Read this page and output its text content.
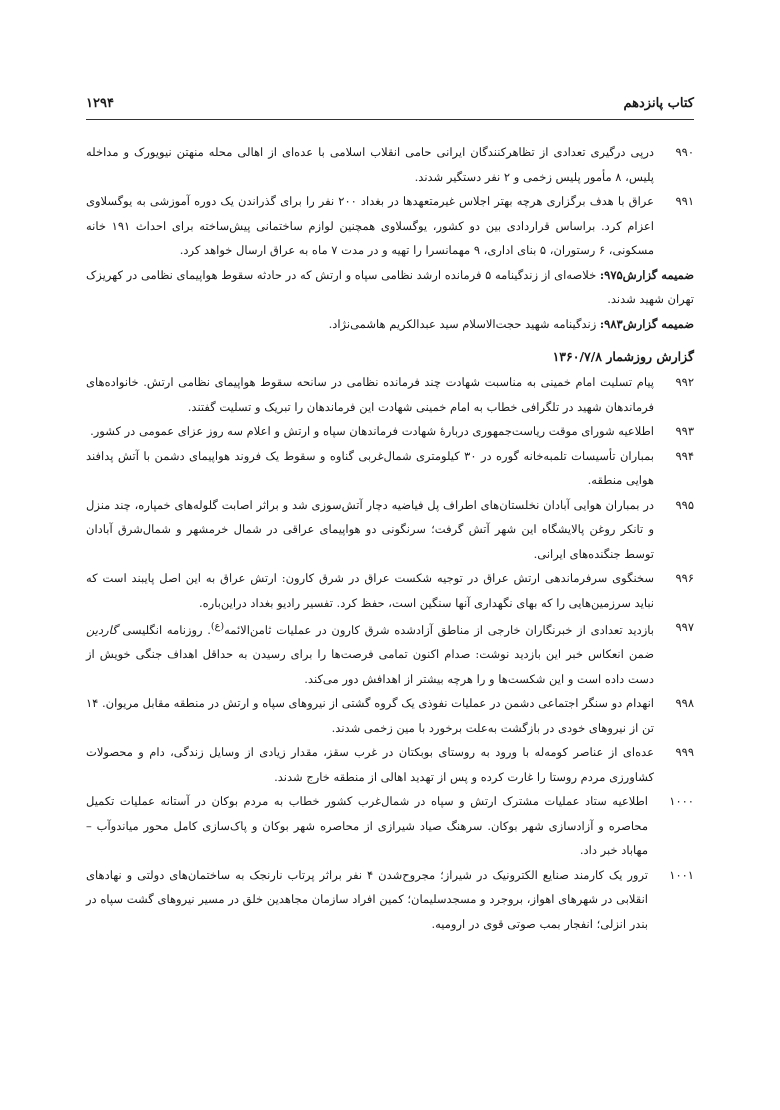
کتاب پانزدهم
۱۲۹۴

۹۹۰
درپی درگیری تعدادی از تظاهرکنندگان ایرانی حامی انقلاب اسلامی با عده‌ای از اهالی محله منهتن نیویورک و مداخله پلیس، ۸ مأمور پلیس زخمی و ۲ نفر دستگیر شدند.

۹۹۱
عراق با هدف برگزاری هرچه بهتر اجلاس غیرمتعهدها در بغداد ۲۰۰ نفر را برای گذراندن یک دوره آموزشی به یوگسلاوی اعزام کرد. براساس قراردادی بین دو کشور، یوگسلاوی همچنین لوازم ساختمانی پیش‌ساخته برای احداث ۱۹۱ خانه مسکونی، ۶ رستوران، ۵ بنای اداری، ۹ مهمانسرا را تهیه و در مدت ۷ ماه به عراق ارسال خواهد کرد.

ضمیمه گزارش۹۷۵: خلاصه‌ای از زندگینامه ۵ فرمانده ارشد نظامی سپاه و ارتش که در حادثه سقوط هواپیمای نظامی در کهریزک تهران شهید شدند.

ضمیمه گزارش۹۸۳: زندگینامه شهید حجت‌الاسلام سید عبدالکریم هاشمی‌نژاد.

گزارش روزشمار ۱۳۶۰/۷/۸

۹۹۲
پیام تسلیت امام خمینی به مناسبت شهادت چند فرمانده نظامی در سانحه سقوط هواپیمای نظامی ارتش. خانواده‌های فرماندهان شهید در تلگرافی خطاب به امام خمینی شهادت این فرماندهان را تبریک و تسلیت گفتند.

۹۹۳
اطلاعیه شورای موقت ریاست‌جمهوری دربارهٔ شهادت فرماندهان سپاه و ارتش و اعلام سه روز عزای عمومی در کشور.

۹۹۴
بمباران تأسیسات تلمبه‌خانه گوره در ۳۰ کیلومتری شمال‌غربی گناوه و سقوط یک فروند هواپیمای دشمن با آتش پدافند هوایی منطقه.

۹۹۵
در بمباران هوایی آبادان نخلستان‌های اطراف پل فیاضیه دچار آتش‌سوزی شد و براثر اصابت گلوله‌های خمپاره، چند منزل و تانکر روغن پالایشگاه این شهر آتش گرفت؛ سرنگونی دو هواپیمای عراقی در شمال خرمشهر و شمال‌شرق آبادان توسط جنگنده‌های ایرانی.

۹۹۶
سخنگوی سرفرماندهی ارتش عراق در توجیه شکست عراق در شرق کارون: ارتش عراق به این اصل پایبند است که نباید سرزمین‌هایی را که بهای نگهداری آنها سنگین است، حفظ کرد. تفسیر رادیو بغداد دراین‌باره.

۹۹۷
بازدید تعدادی از خبرنگاران خارجی از مناطق آزادشده شرق کارون در عملیات ثامن‌الائمه$^{(ع)}$. روزنامه انگلیسی گاردین ضمن انعکاس خبر این بازدید نوشت: صدام اکنون تمامی فرصت‌ها را برای رسیدن به حداقل اهداف جنگی خویش از دست داده است و این شکست‌ها و را هرچه بیشتر از اهدافش دور می‌کند.

۹۹۸
انهدام دو سنگر اجتماعی دشمن در عملیات نفوذی یک گروه گشتی از نیروهای سپاه و ارتش در منطقه مقابل مریوان. ۱۴ تن از نیروهای خودی در بازگشت به‌علت برخورد با مین زخمی شدند.

۹۹۹
عده‌ای از عناصر کومه‌له با ورود به روستای بوبکتان در غرب سقز، مقدار زیادی از وسایل زندگی، دام و محصولات کشاورزی مردم روستا را غارت کرده و پس از تهدید اهالی از منطقه خارج شدند.

۱۰۰۰
اطلاعیه ستاد عملیات مشترک ارتش و سپاه در شمال‌غرب کشور خطاب به مردم بوکان در آستانه عملیات تکمیل محاصره و آزادسازی شهر بوکان. سرهنگ صیاد شیرازی از محاصره شهر بوکان و پاک‌سازی کامل محور میاندوآب – مهاباد خبر داد.

۱۰۰۱
ترور یک کارمند صنایع الکترونیک در شیراز؛ مجروح‌شدن ۴ نفر براثر پرتاب نارنجک به ساختمان‌های دولتی و نهادهای انقلابی در شهرهای اهواز، بروجرد و مسجدسلیمان؛ کمین افراد سازمان مجاهدین خلق در مسیر نیروهای گشت سپاه در بندر انزلی؛ انفجار بمب صوتی قوی در ارومیه.
